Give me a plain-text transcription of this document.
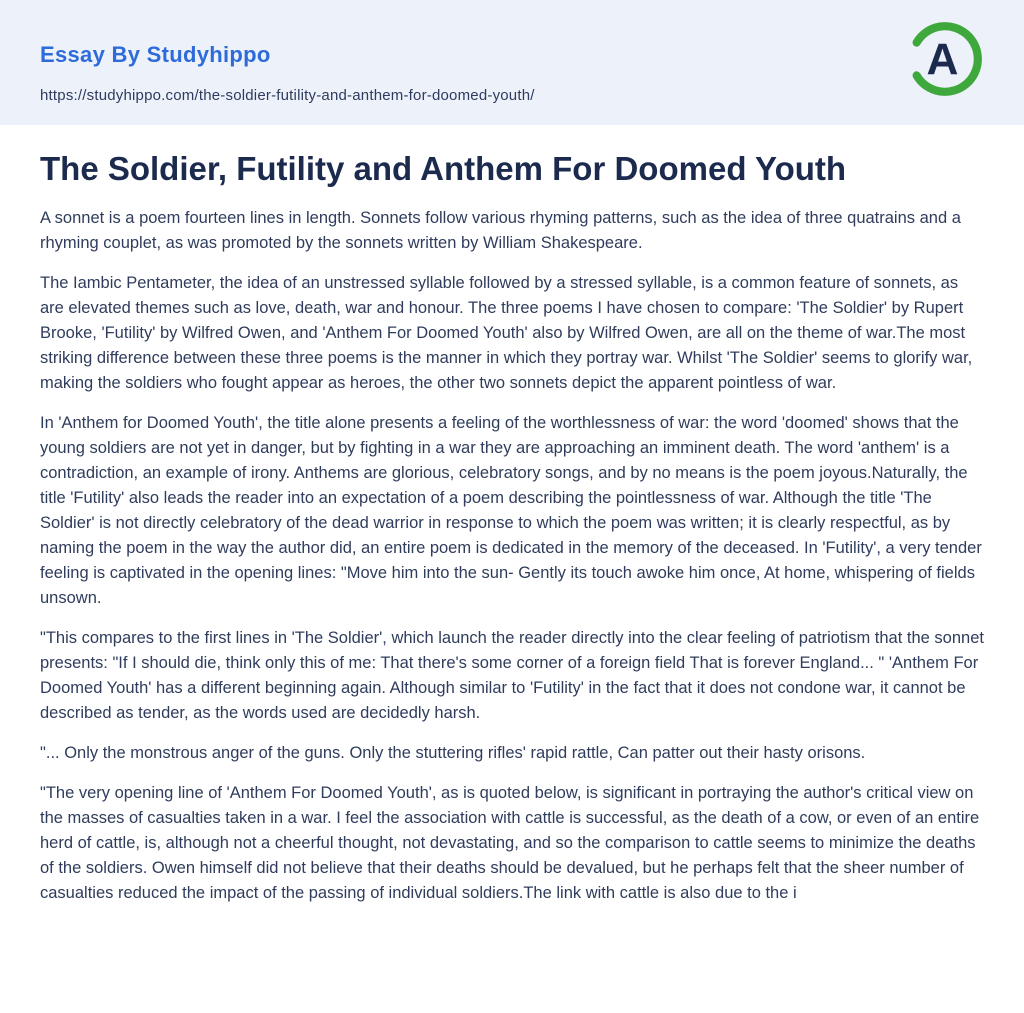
Essay By Studyhippo
https://studyhippo.com/the-soldier-futility-and-anthem-for-doomed-youth/
A
The Soldier, Futility and Anthem For Doomed Youth

A sonnet is a poem fourteen lines in length. Sonnets follow various rhyming patterns, such as the idea of three quatrains and a rhyming couplet, as was promoted by the sonnets written by William Shakespeare.

The Iambic Pentameter, the idea of an unstressed syllable followed by a stressed syllable, is a common feature of sonnets, as are elevated themes such as love, death, war and honour. The three poems I have chosen to compare: 'The Soldier' by Rupert Brooke, 'Futility' by Wilfred Owen, and 'Anthem For Doomed Youth' also by Wilfred Owen, are all on the theme of war.The most striking difference between these three poems is the manner in which they portray war. Whilst 'The Soldier' seems to glorify war, making the soldiers who fought appear as heroes, the other two sonnets depict the apparent pointless of war.

In 'Anthem for Doomed Youth', the title alone presents a feeling of the worthlessness of war: the word 'doomed' shows that the young soldiers are not yet in danger, but by fighting in a war they are approaching an imminent death. The word 'anthem' is a contradiction, an example of irony. Anthems are glorious, celebratory songs, and by no means is the poem joyous.Naturally, the title 'Futility' also leads the reader into an expectation of a poem describing the pointlessness of war. Although the title 'The Soldier' is not directly celebratory of the dead warrior in response to which the poem was written; it is clearly respectful, as by naming the poem in the way the author did, an entire poem is dedicated in the memory of the deceased. In 'Futility', a very tender feeling is captivated in the opening lines: "Move him into the sun- Gently its touch awoke him once, At home, whispering of fields unsown.

"This compares to the first lines in 'The Soldier', which launch the reader directly into the clear feeling of patriotism that the sonnet presents: "If I should die, think only this of me: That there's some corner of a foreign field That is forever England... " 'Anthem For Doomed Youth' has a different beginning again. Although similar to 'Futility' in the fact that it does not condone war, it cannot be described as tender, as the words used are decidedly harsh.

"... Only the monstrous anger of the guns. Only the stuttering rifles' rapid rattle, Can patter out their hasty orisons.

"The very opening line of 'Anthem For Doomed Youth', as is quoted below, is significant in portraying the author's critical view on the masses of casualties taken in a war. I feel the association with cattle is successful, as the death of a cow, or even of an entire herd of cattle, is, although not a cheerful thought, not devastating, and so the comparison to cattle seems to minimize the deaths of the soldiers. Owen himself did not believe that their deaths should be devalued, but he perhaps felt that the sheer number of casualties reduced the impact of the passing of individual soldiers.The link with cattle is also due to the i
